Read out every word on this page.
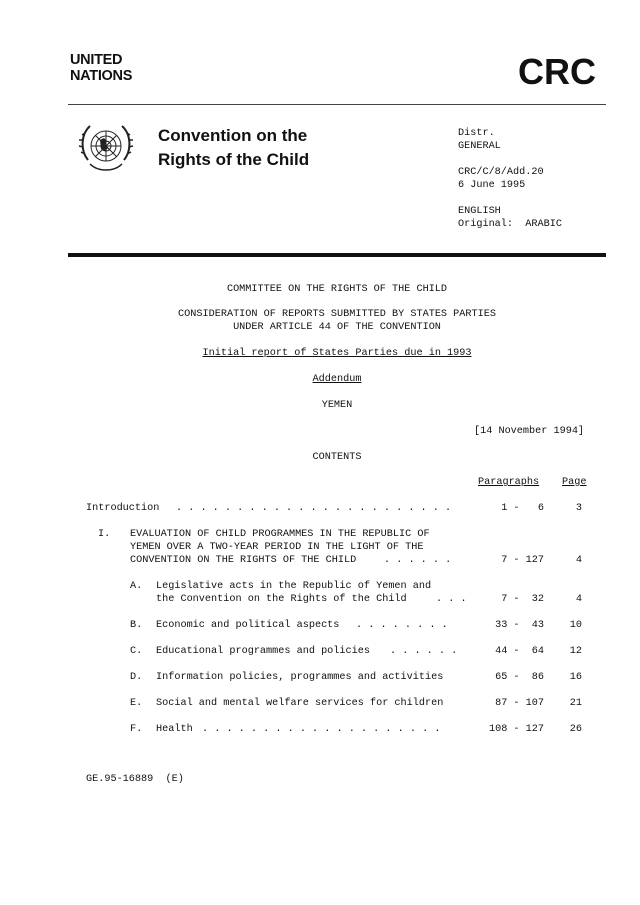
UNITED
NATIONS	CRC
Convention on the
Rights of the Child
Distr.
GENERAL
CRC/C/8/Add.20
6 June 1995
ENGLISH
Original:  ARABIC
COMMITTEE ON THE RIGHTS OF THE CHILD
CONSIDERATION OF REPORTS SUBMITTED BY STATES PARTIES
UNDER ARTICLE 44 OF THE CONVENTION
Initial report of States Parties due in 1993
Addendum
YEMEN
[14 November 1994]
CONTENTS
Paragraphs Page
Introduction . . . . . . . . . . . . . . . . . . . . . . .	1 -   6	3
I. EVALUATION OF CHILD PROGRAMMES IN THE REPUBLIC OF
YEMEN OVER A TWO-YEAR PERIOD IN THE LIGHT OF THE
CONVENTION ON THE RIGHTS OF THE CHILD	. . . . . .	7 - 127	4
A. Legislative acts in the Republic of Yemen and
the Convention on the Rights of the Child	. . .	7 -  32	4
B. Economic and political aspects . . . . . . . .	33 -  43	10
C. Educational programmes and policies . . . . . .	44 -  64	12
D. Information policies, programmes and activities	65 -  86	16
E. Social and mental welfare services for children	87 - 107	21
F. Health . . . . . . . . . . . . . . . . . . . .	108 - 127	26
GE.95-16889  (E)
